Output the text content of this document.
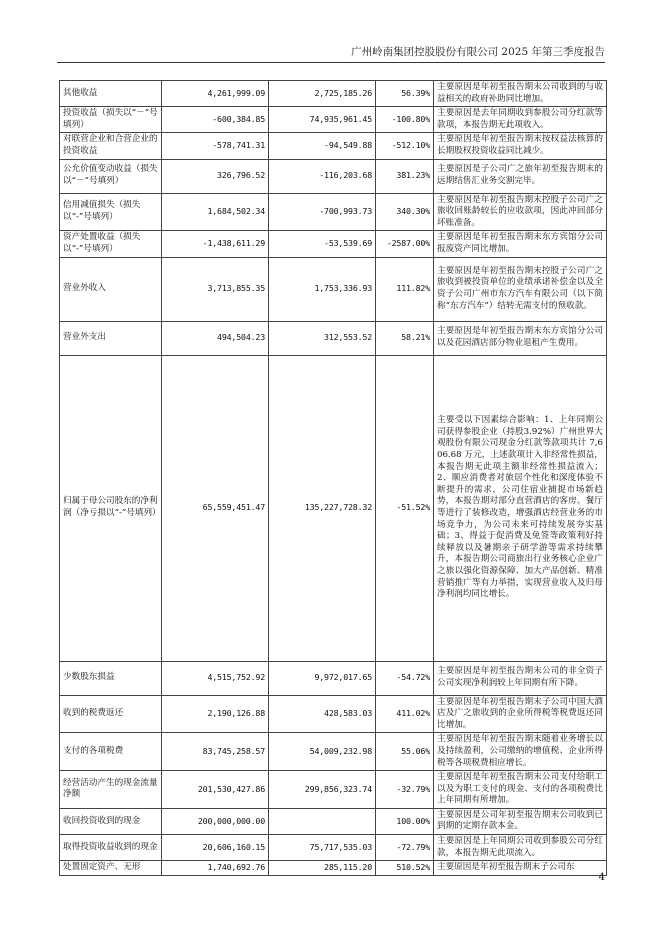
广州岭南集团控股股份有限公司 2025 年第三季度报告
其他收益	4,261,999.09	2,725,185.26	56.39%	主要原因是年初至报告期末公司收到的与收益相关的政府补助同比增加。
投资收益（损失以“－”号填列）	-600,384.85	74,935,961.45	-100.80%	主要原因是去年同期收到参股公司分红款等款项，本报告期无此项收入。
对联营企业和合营企业的投资收益	-578,741.31	-94,549.88	-512.10%	主要原因是年初至报告期末按权益法核算的长期股权投资收益同比减少。
公允价值变动收益（损失以“－”号填列）	326,796.52	-116,203.68	381.23%	主要原因是子公司广之旅年初至报告期末的远期结售汇业务交割完毕。
信用减值损失（损失以“-”号填列）	1,684,502.34	-700,993.73	340.30%	主要原因是年初至报告期末控股子公司广之旅收回账龄较长的应收款项，因此冲回部分坏账准备。
资产处置收益（损失以“-”号填列）	-1,438,611.29	-53,539.69	-2587.00%	主要原因是年初至报告期末东方宾馆分公司报废资产同比增加。
营业外收入	3,713,855.35	1,753,336.93	111.82%	主要原因是年初至报告期末控股子公司广之旅收到被投资单位的业绩承诺补偿金以及全资子公司广州市东方汽车有限公司（以下简称“东方汽车”）结转无需支付的预收款。
营业外支出	494,504.23	312,553.52	58.21%	主要原因是年初至报告期末东方宾馆分公司以及花园酒店部分物业退租产生费用。
归属于母公司股东的净利润（净亏损以“-”号填列）	65,559,451.47	135,227,728.32	-51.52%	主要受以下因素综合影响：1、上年同期公司获得参股企业（持股3.92%）广州世界大观股份有限公司现金分红款等款项共计 7,606.68 万元，上述款项计入非经常性损益，本报告期无此项主额非经常性损益流入；2、顺应消费者对旅居个性化和深度体验不断提升的需求，公司住宿业捕捉市场新趋势，本报告期对部分直营酒店的客房、餐厅等进行了装修改造，增强酒店经营业务的市场竞争力，为公司未来可持续发展夯实基础；3、得益于促消费及免签等政策利好持续释放以及暑期亲子研学游等需求持续攀升，本报告期公司商旅出行业务核心企业广之旅以强化资源保障、加大产品创新、精准营销推广等有力举措，实现营业收入及归母净利润均同比增长。
少数股东损益	4,515,752.92	9,972,017.65	-54.72%	主要原因是年初至报告期末公司的非全资子公司实现净利润较上年同期有所下降。
收到的税费返还	2,190,126.88	428,583.03	411.02%	主要原因是年初至报告期末子公司中国大酒店及广之旅收到的企业所得税等税费返还同比增加。
支付的各项税费	83,745,258.57	54,009,232.98	55.06%	主要原因是年初至报告期末随着业务增长以及持续盈利，公司缴纳的增值税、企业所得税等各项税费相应增长。
经营活动产生的现金流量净额	201,530,427.86	299,856,323.74	-32.79%	主要原因是年初至报告期末公司支付给职工以及为职工支付的现金、支付的各项税费比上年同期有所增加。
收回投资收到的现金	200,000,000.00		100.00%	主要原因是公司年初至报告期末公司收到已到期的定期存款本金。
取得投资收益收到的现金	20,606,160.15	75,717,535.03	-72.79%	主要原因是上年同期公司收到参股公司分红款，本报告期无此项流入。
处置固定资产、无形	1,740,692.76	285,115.20	510.52%	主要原因是年初至报告期末子公司东
4
